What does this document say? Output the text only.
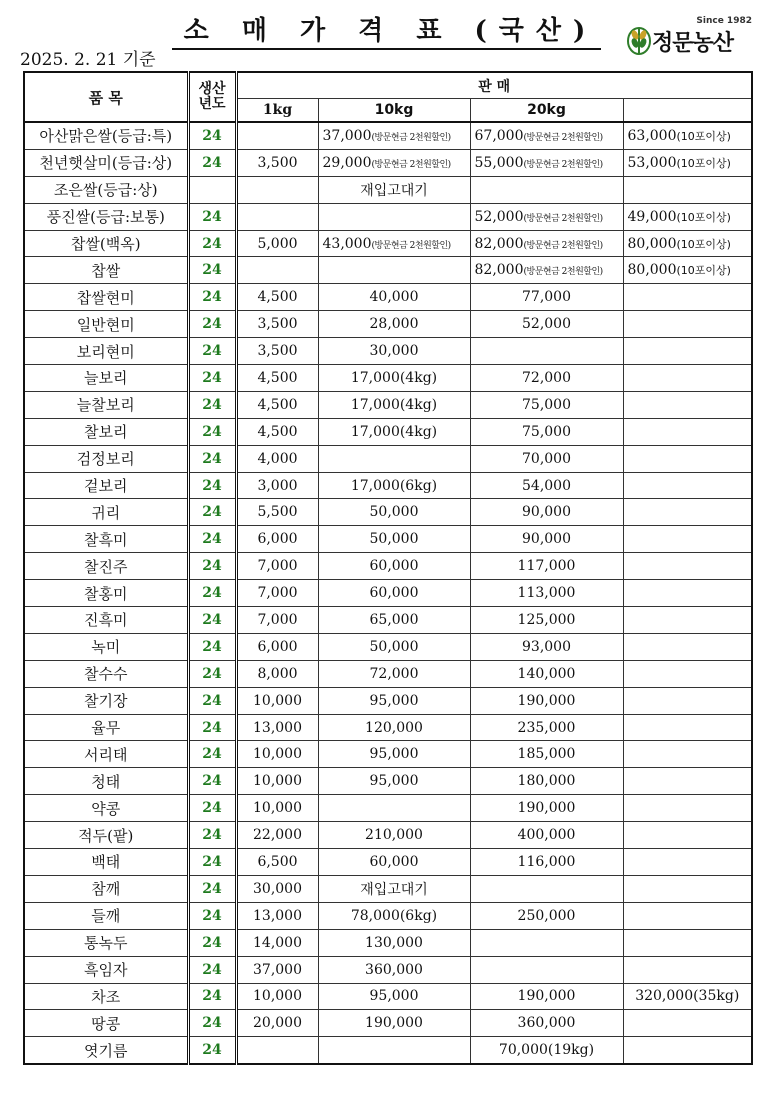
소 매 가 격 표 (국산)
2025. 2. 21 기준
Since 1982
정문농산
품 목	생산년도	판 매			
		1kg	10kg	20kg	
아산맑은쌀(등급:특)	24		37,000(방문현금 2천원할인)	67,000(방문현금 2천원할인)	63,000(10포이상)
천년햇살미(등급:상)	24	3,500	29,000(방문현금 2천원할인)	55,000(방문현금 2천원할인)	53,000(10포이상)
조은쌀(등급:상)			재입고대기		
풍진쌀(등급:보통)	24			52,000(방문현금 2천원할인)	49,000(10포이상)
찹쌀(백옥)	24	5,000	43,000(방문현금 2천원할인)	82,000(방문현금 2천원할인)	80,000(10포이상)
찹쌀	24			82,000(방문현금 2천원할인)	80,000(10포이상)
찹쌀현미	24	4,500	40,000	77,000	
일반현미	24	3,500	28,000	52,000	
보리현미	24	3,500	30,000		
늘보리	24	4,500	17,000(4kg)	72,000	
늘찰보리	24	4,500	17,000(4kg)	75,000	
찰보리	24	4,500	17,000(4kg)	75,000	
검정보리	24	4,000		70,000	
겉보리	24	3,000	17,000(6kg)	54,000	
귀리	24	5,500	50,000	90,000	
찰흑미	24	6,000	50,000	90,000	
찰진주	24	7,000	60,000	117,000	
찰홍미	24	7,000	60,000	113,000	
진흑미	24	7,000	65,000	125,000	
녹미	24	6,000	50,000	93,000	
찰수수	24	8,000	72,000	140,000	
찰기장	24	10,000	95,000	190,000	
율무	24	13,000	120,000	235,000	
서리태	24	10,000	95,000	185,000	
청태	24	10,000	95,000	180,000	
약콩	24	10,000		190,000	
적두(팥)	24	22,000	210,000	400,000	
백태	24	6,500	60,000	116,000	
참깨	24	30,000	재입고대기		
들깨	24	13,000	78,000(6kg)	250,000	
통녹두	24	14,000	130,000		
흑임자	24	37,000	360,000		
차조	24	10,000	95,000	190,000	320,000(35kg)
땅콩	24	20,000	190,000	360,000	
엿기름	24			70,000(19kg)	
